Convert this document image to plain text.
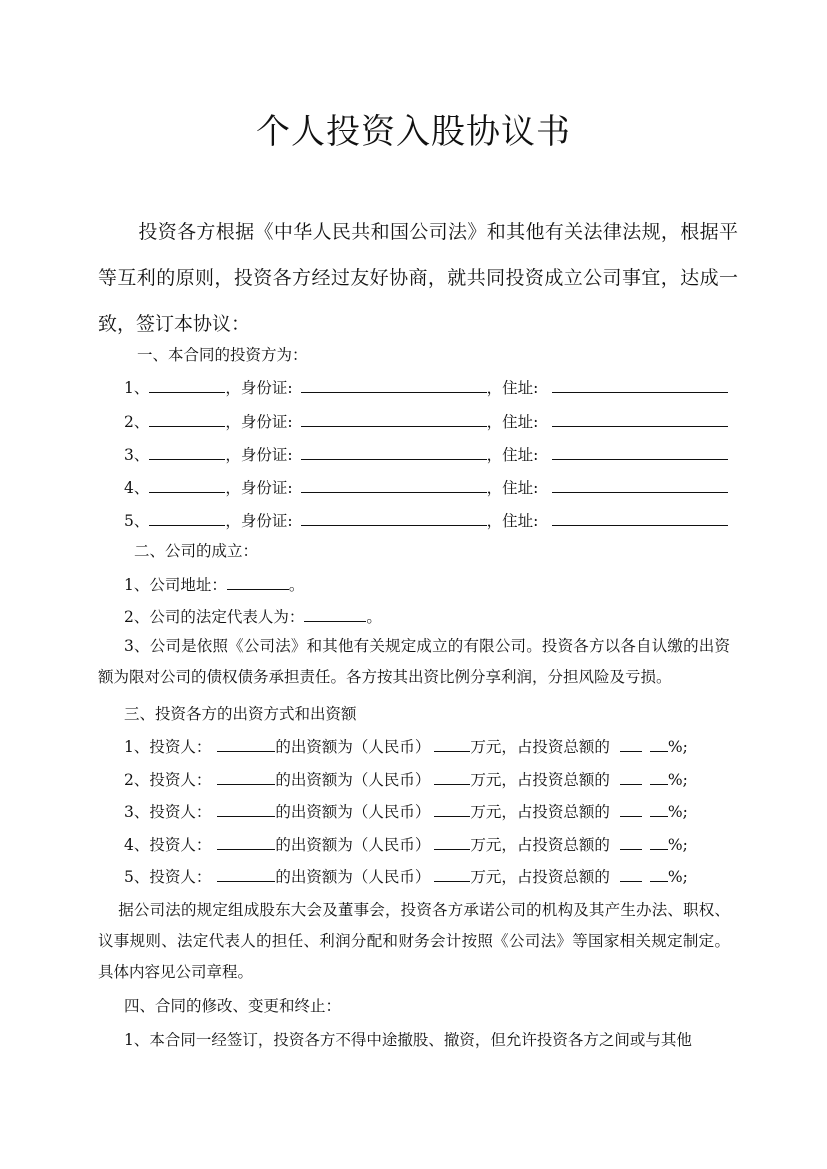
个人投资入股协议书
投资各方根据《中华人民共和国公司法》和其他有关法律法规，根据平等互利的原则，投资各方经过友好协商，就共同投资成立公司事宜，达成一致，签订本协议：
一、本合同的投资方为：
1、	，身份证:	，住址:
2、	，身份证:	，住址:
3、	，身份证:	，住址:
4、	，身份证:	，住址:
5、	，身份证:	，住址:
二、公司的成立：
1、公司地址：	。
2、公司的法定代表人为：	。
3、公司是依照《公司法》和其他有关规定成立的有限公司。投资各方以各自认缴的出资额为限对公司的债权债务承担责任。各方按其出资比例分享利润，分担风险及亏损。
三、投资各方的出资方式和出资额
1、投资人：	的出资额为（人民币）	万元，占投资总额的	%;
2、投资人：	的出资额为（人民币）	万元，占投资总额的	%;
3、投资人：	的出资额为（人民币）	万元，占投资总额的	%;
4、投资人：	的出资额为（人民币）	万元，占投资总额的	%;
5、投资人：	的出资额为（人民币）	万元，占投资总额的	%;
据公司法的规定组成股东大会及董事会，投资各方承诺公司的机构及其产生办法、职权、议事规则、法定代表人的担任、利润分配和财务会计按照《公司法》等国家相关规定制定。具体内容见公司章程。
四、合同的修改、变更和终止：
1、本合同一经签订，投资各方不得中途撤股、撤资，但允许投资各方之间或与其他
